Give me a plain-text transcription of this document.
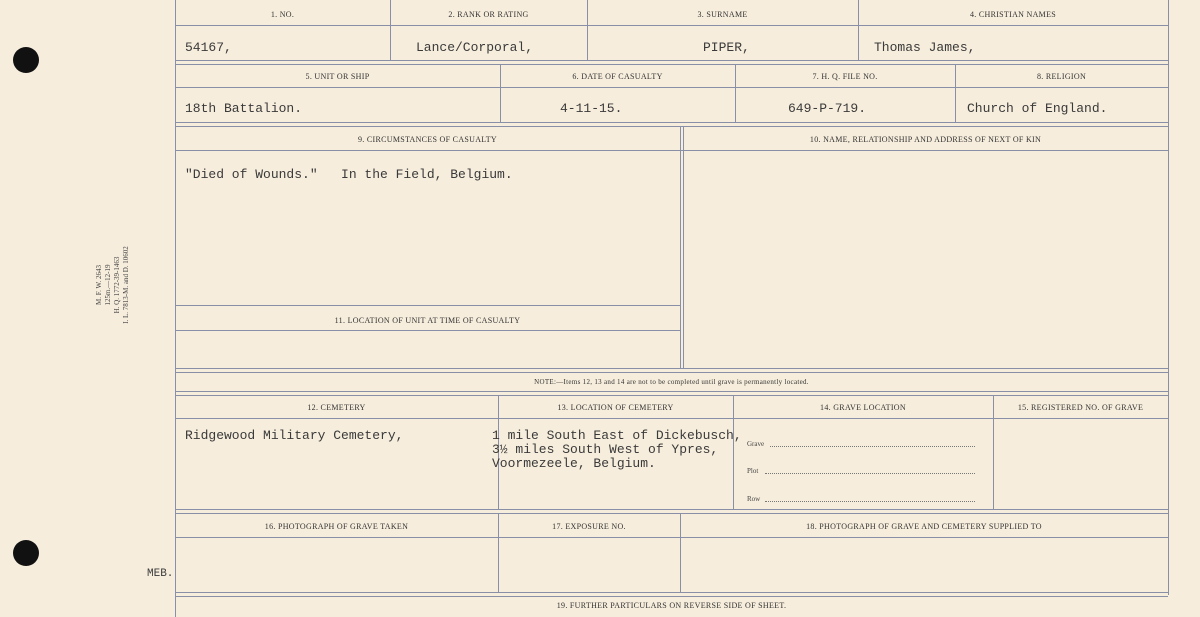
M. F. W. 2643 125m.—12-19 H. Q. 1772-39-1463 I. L. 7813-M. and D. 10602
1. NO.	2. RANK OR RATING	3. SURNAME	4. CHRISTIAN NAMES
54167,	Lance/Corporal,	PIPER,	Thomas James,
5. UNIT OR SHIP	6. DATE OF CASUALTY	7. H. Q. FILE NO.	8. RELIGION
18th Battalion.	4-11-15.	649-P-719.	Church of England.
9. CIRCUMSTANCES OF CASUALTY	10. NAME, RELATIONSHIP AND ADDRESS OF NEXT OF KIN
11. LOCATION OF UNIT AT TIME OF CASUALTY
"Died of Wounds."   In the Field, Belgium.
NOTE:—Items 12, 13 and 14 are not to be completed until grave is permanently located.
12. CEMETERY	13. LOCATION OF CEMETERY	14. GRAVE LOCATION	15. REGISTERED NO. OF GRAVE
Ridgewood Military Cemetery,	1 mile South East of Dickebusch,
3½ miles South West of Ypres,
Voormezeele, Belgium.
Grave
Plot
Row
16. PHOTOGRAPH OF GRAVE TAKEN	17. EXPOSURE NO.	18. PHOTOGRAPH OF GRAVE AND CEMETERY SUPPLIED TO
MEB.
19. FURTHER PARTICULARS ON REVERSE SIDE OF SHEET.
